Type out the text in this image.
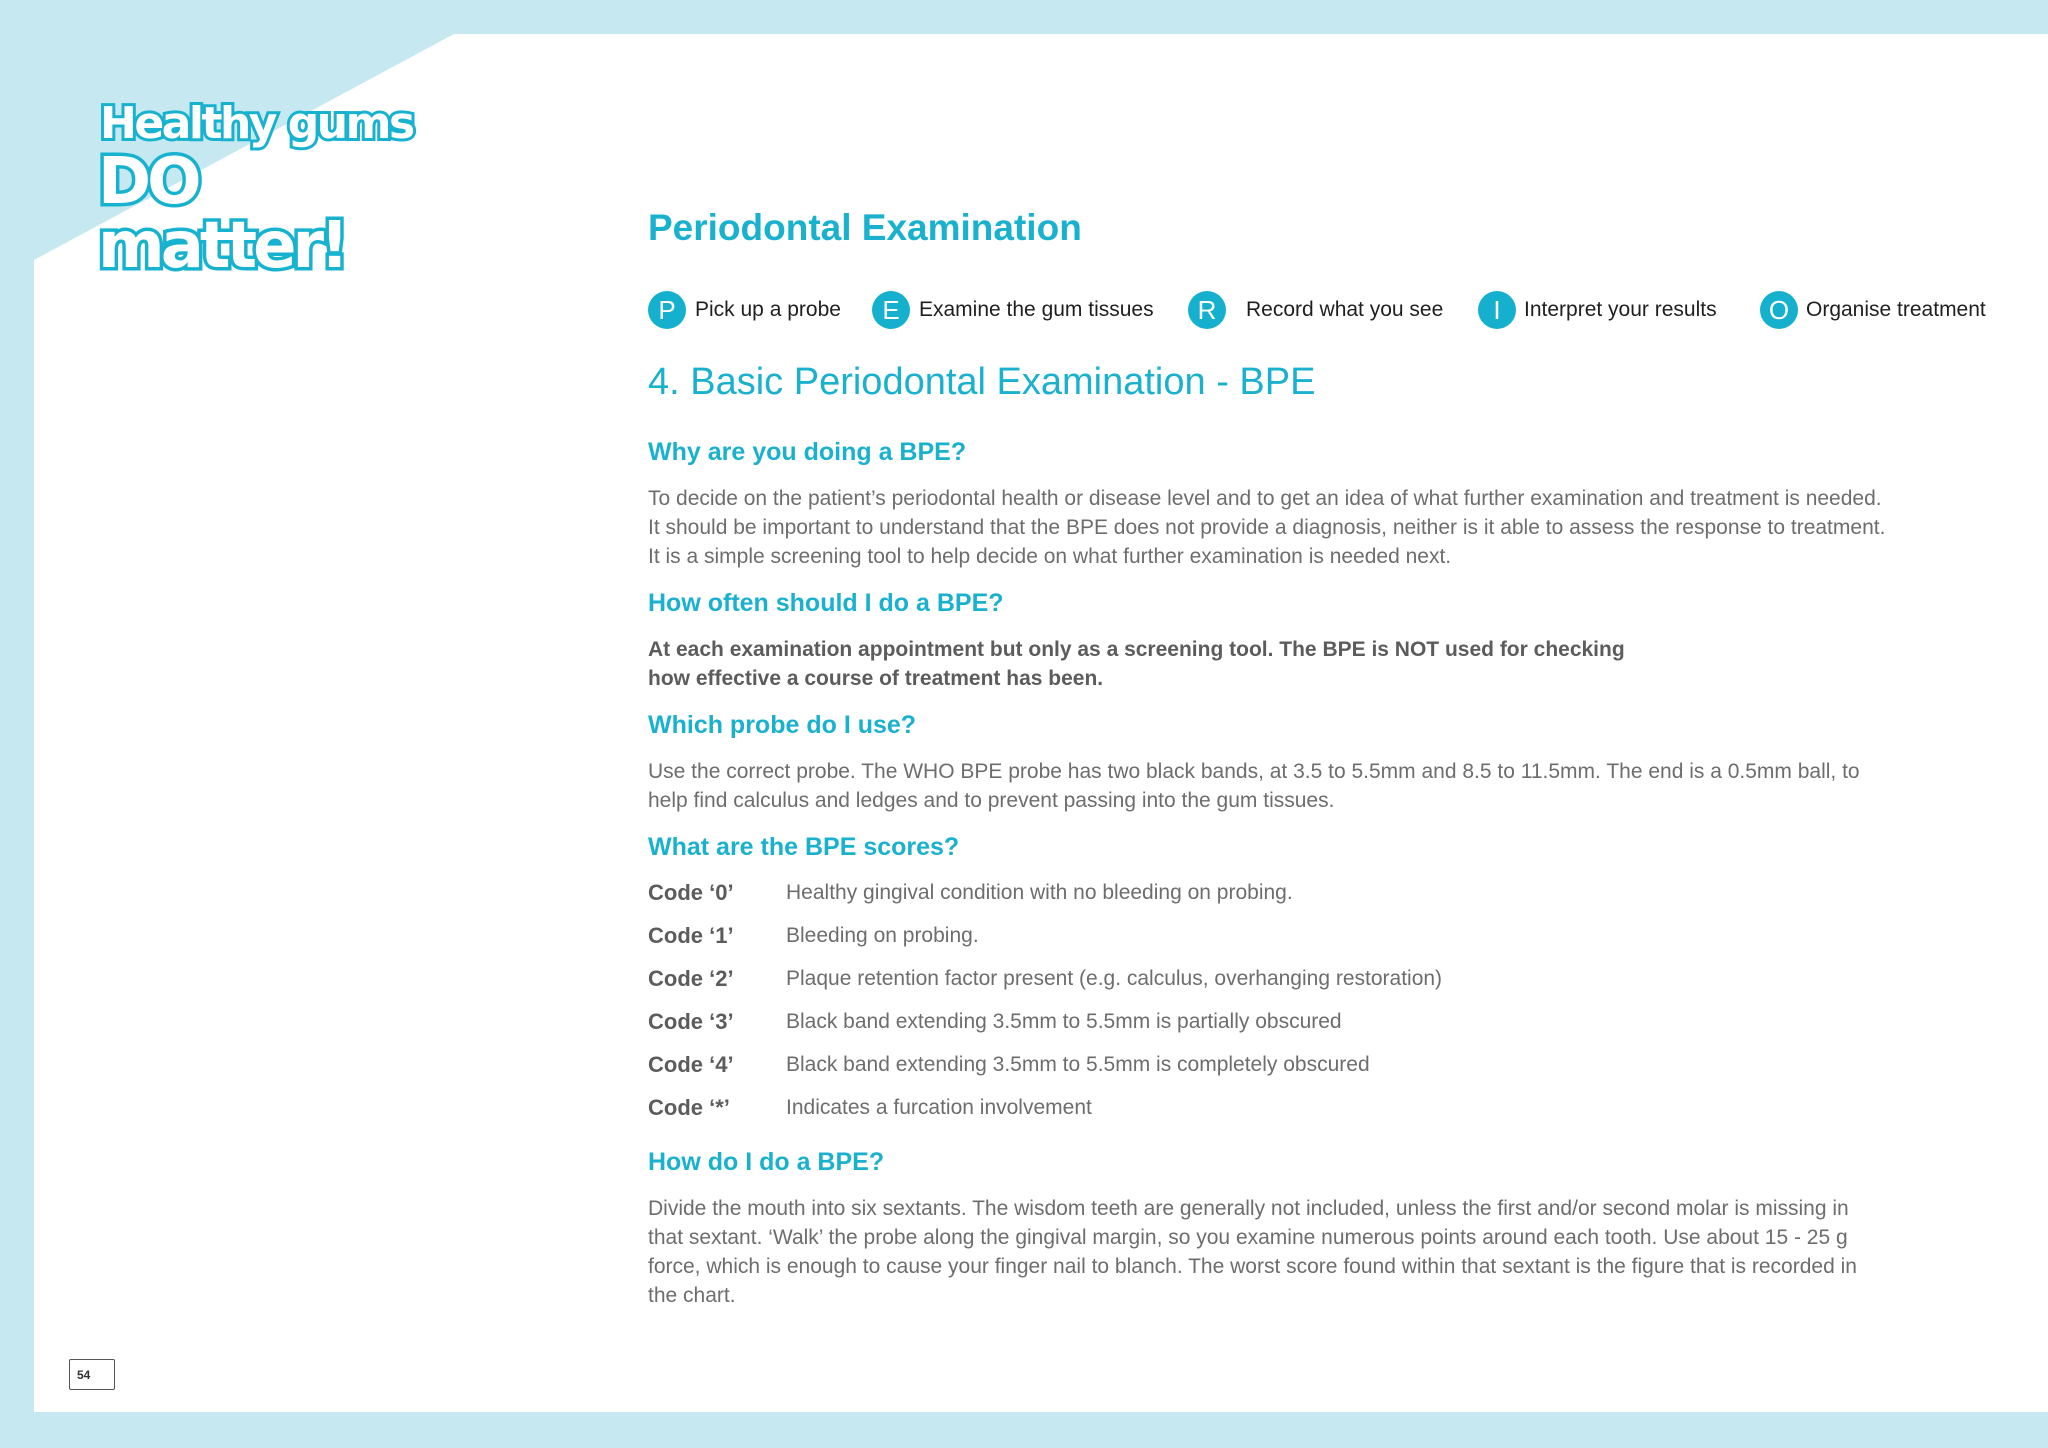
Healthy gums
DO matter!
54
Periodontal Examination
P Pick up a probe	E Examine the gum tissues	R	Record what you see	I	Interpret your results	O Organise treatment
4. Basic Periodontal Examination - BPE
Why are you doing a BPE?

To decide on the patient’s periodontal health or disease level and to get an idea of what further examination and treatment is needed.
It should be important to understand that the BPE does not provide a diagnosis, neither is it able to assess the response to treatment.
It is a simple screening tool to help decide on what further examination is needed next.

How often should I do a BPE?

At each examination appointment but only as a screening tool. The BPE is NOT used for checking
how effective a course of treatment has been.

Which probe do I use?

Use the correct probe. The WHO BPE probe has two black bands, at 3.5 to 5.5mm and 8.5 to 11.5mm. The end is a 0.5mm ball, to
help find calculus and ledges and to prevent passing into the gum tissues.

What are the BPE scores?
Code ‘0’ Healthy gingival condition with no bleeding on probing.
Code ‘1’ Bleeding on probing.
Code ‘2’ Plaque retention factor present (e.g. calculus, overhanging restoration)
Code ‘3’ Black band extending 3.5mm to 5.5mm is partially obscured
Code ‘4’ Black band extending 3.5mm to 5.5mm is completely obscured
Code ‘*’	Indicates a furcation involvement
How do I do a BPE?

Divide the mouth into six sextants. The wisdom teeth are generally not included, unless the first and/or second molar is missing in
that sextant. ‘Walk’ the probe along the gingival margin, so you examine numerous points around each tooth. Use about 15 - 25 g
force, which is enough to cause your finger nail to blanch. The worst score found within that sextant is the figure that is recorded in
the chart.
